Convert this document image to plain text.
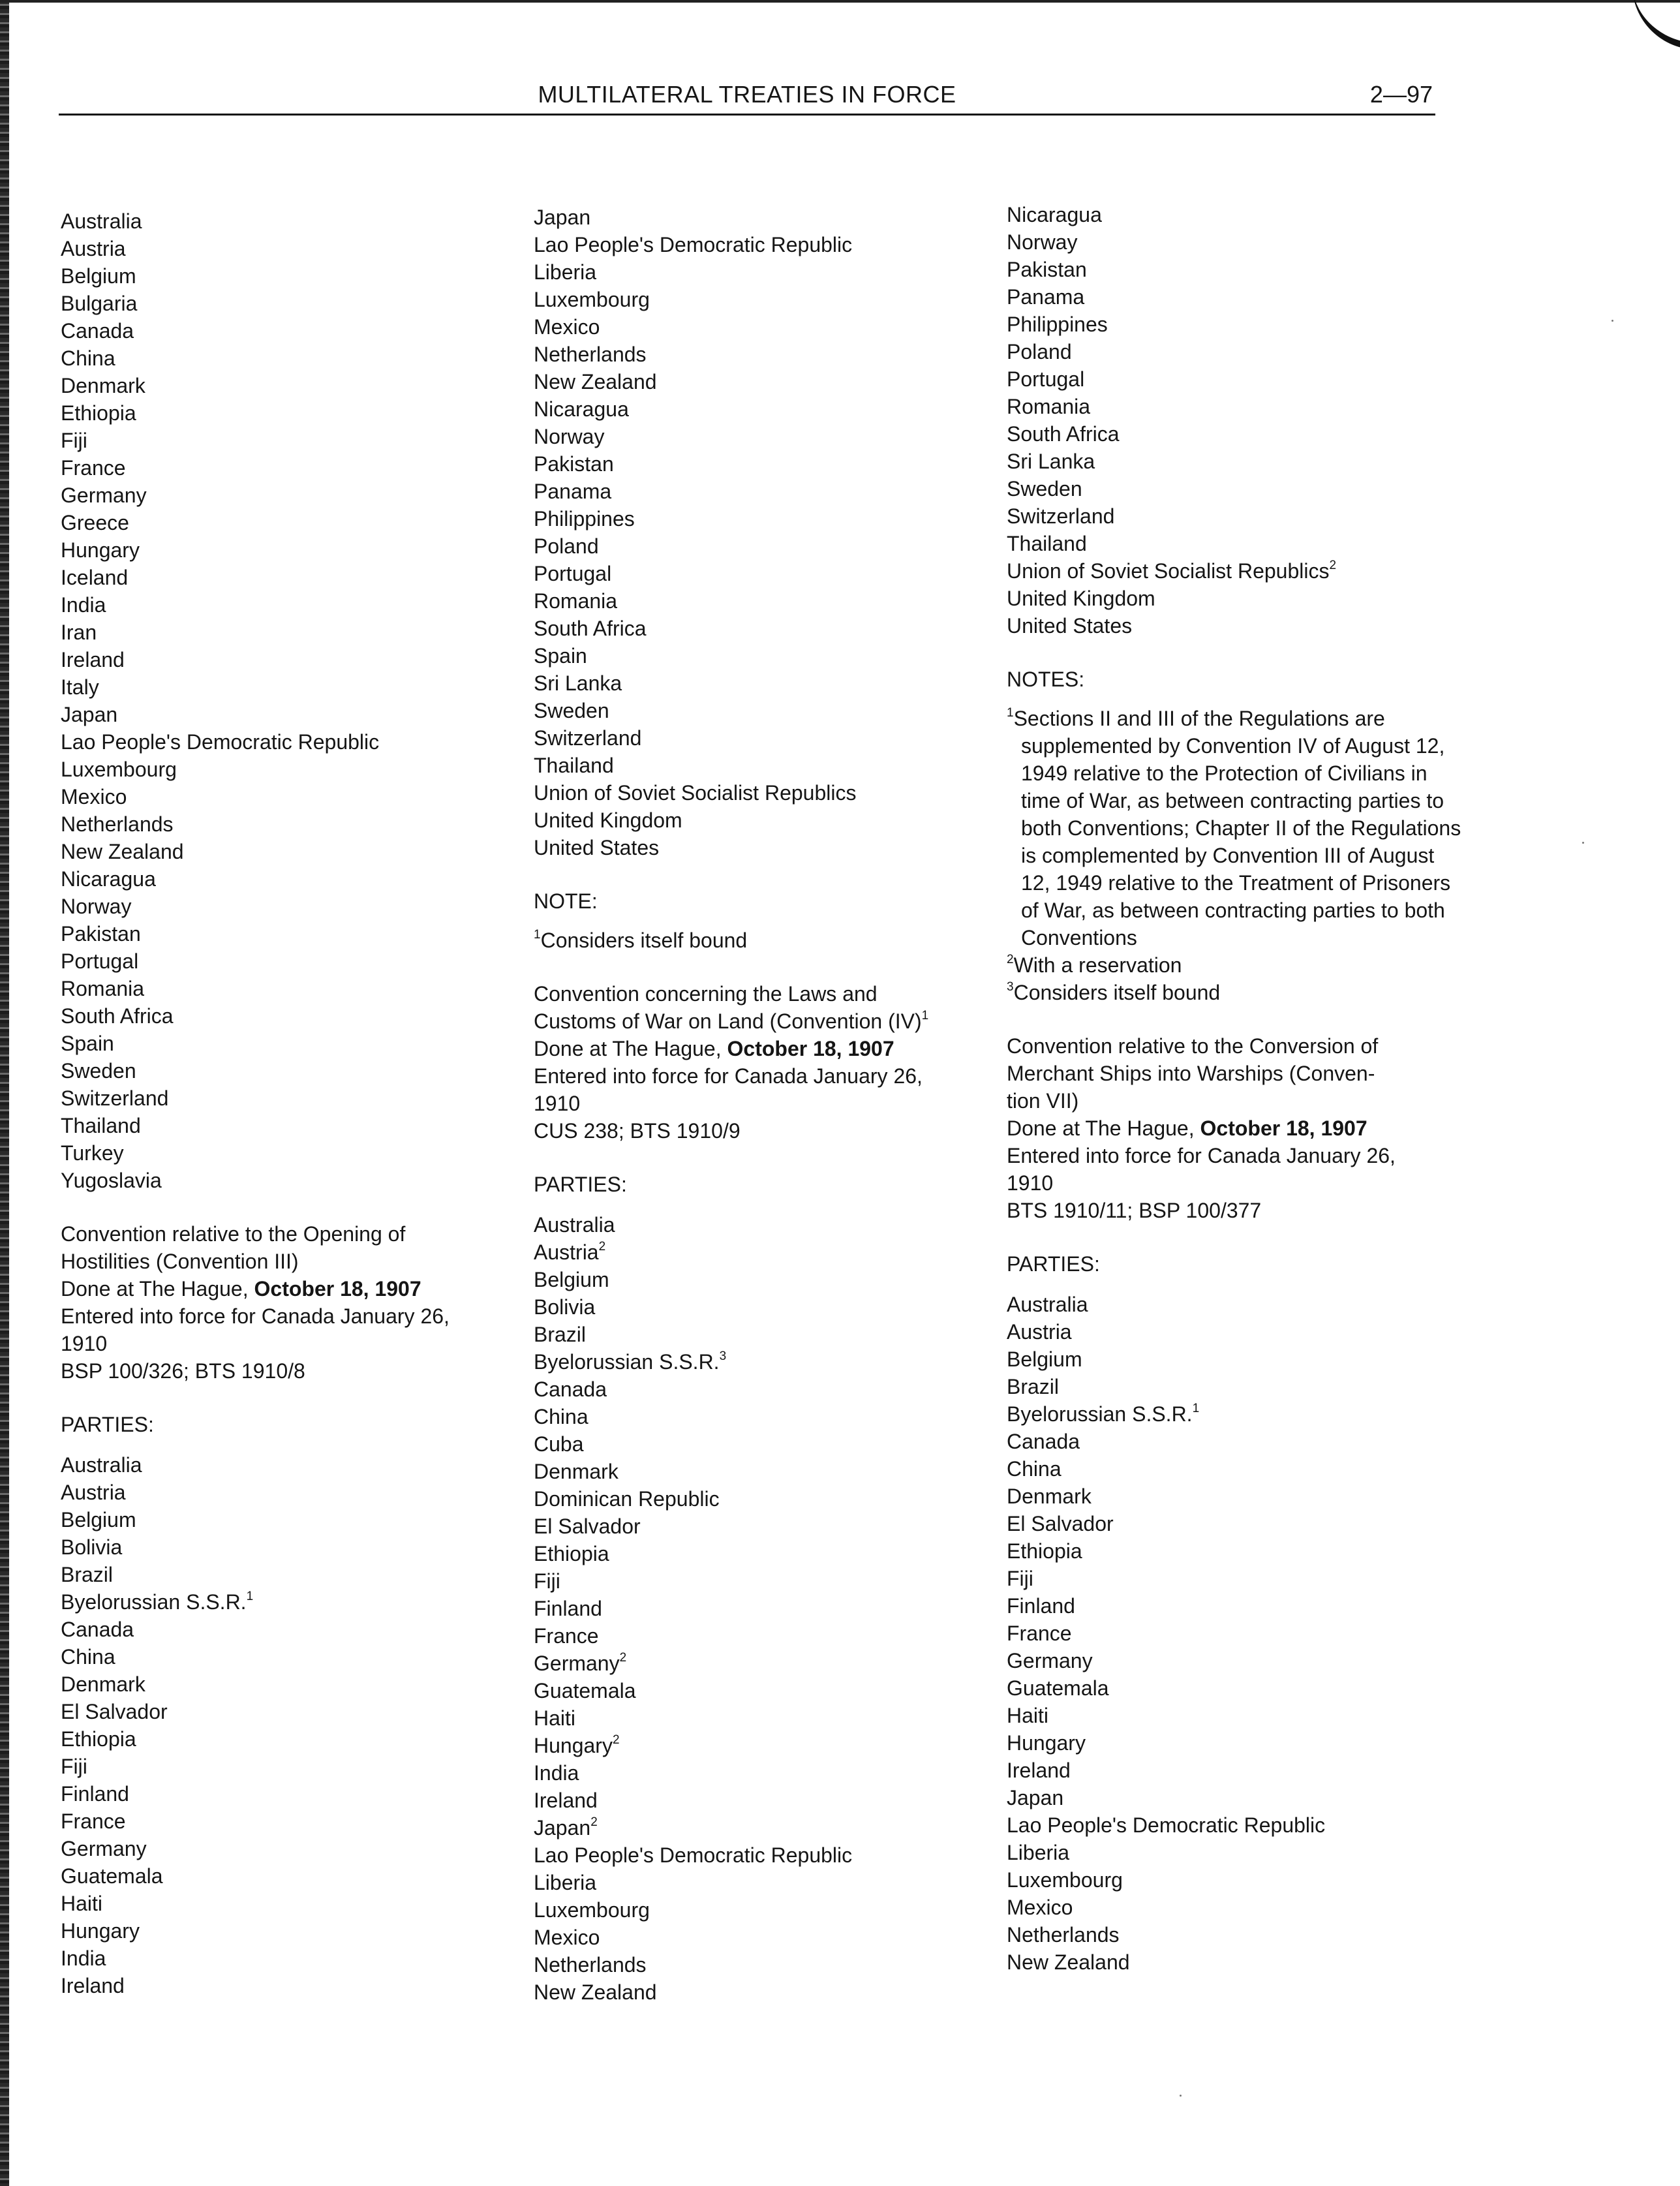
MULTILATERAL TREATIES IN FORCE	2—97
Australia
Austria
Belgium
Bulgaria
Canada
China
Denmark
Ethiopia
Fiji
France
Germany
Greece
Hungary
Iceland
India
Iran
Ireland
Italy
Japan
Lao People's Democratic Republic
Luxembourg
Mexico
Netherlands
New Zealand
Nicaragua
Norway
Pakistan
Portugal
Romania
South Africa
Spain
Sweden
Switzerland
Thailand
Turkey
Yugoslavia
Convention relative to the Opening of
Hostilities (Convention III)
Done at The Hague, October 18, 1907
Entered into force for Canada January 26,
1910
BSP 100/326; BTS 1910/8
PARTIES:
Australia
Austria
Belgium
Bolivia
Brazil
Byelorussian S.S.R.$^1$
Canada
China
Denmark
El Salvador
Ethiopia
Fiji
Finland
France
Germany
Guatemala
Haiti
Hungary
India
Ireland
Japan
Lao People's Democratic Republic
Liberia
Luxembourg
Mexico
Netherlands
New Zealand
Nicaragua
Norway
Pakistan
Panama
Philippines
Poland
Portugal
Romania
South Africa
Spain
Sri Lanka
Sweden
Switzerland
Thailand
Union of Soviet Socialist Republics
United Kingdom
United States
NOTE:
$^1$Considers itself bound
Convention concerning the Laws and
Customs of War on Land (Convention (IV)$^1$
Done at The Hague, October 18, 1907
Entered into force for Canada January 26,
1910
CUS 238; BTS 1910/9
PARTIES:
Australia
Austria$^2$
Belgium
Bolivia
Brazil
Byelorussian S.S.R.$^3$
Canada
China
Cuba
Denmark
Dominican Republic
El Salvador
Ethiopia
Fiji
Finland
France
Germany$^2$
Guatemala
Haiti
Hungary$^2$
India
Ireland
Japan$^2$
Lao People's Democratic Republic
Liberia
Luxembourg
Mexico
Netherlands
New Zealand
Nicaragua
Norway
Pakistan
Panama
Philippines
Poland
Portugal
Romania
South Africa
Sri Lanka
Sweden
Switzerland
Thailand
Union of Soviet Socialist Republics$^2$
United Kingdom
United States
NOTES:
$^1$Sections II and III of the Regulations are supplemented by Convention IV of August 12, 1949 relative to the Protection of Civilians in time of War, as between contracting parties to both Conventions; Chapter II of the Regulations is complemented by Convention III of August 12, 1949 relative to the Treatment of Prisoners of War, as between contracting parties to both Conventions
$^2$With a reservation
$^3$Considers itself bound
Convention relative to the Conversion of
Merchant Ships into Warships (Conven-
tion VII)
Done at The Hague, October 18, 1907
Entered into force for Canada January 26,
1910
BTS 1910/11; BSP 100/377
PARTIES:
Australia
Austria
Belgium
Brazil
Byelorussian S.S.R.$^1$
Canada
China
Denmark
El Salvador
Ethiopia
Fiji
Finland
France
Germany
Guatemala
Haiti
Hungary
Ireland
Japan
Lao People's Democratic Republic
Liberia
Luxembourg
Mexico
Netherlands
New Zealand
